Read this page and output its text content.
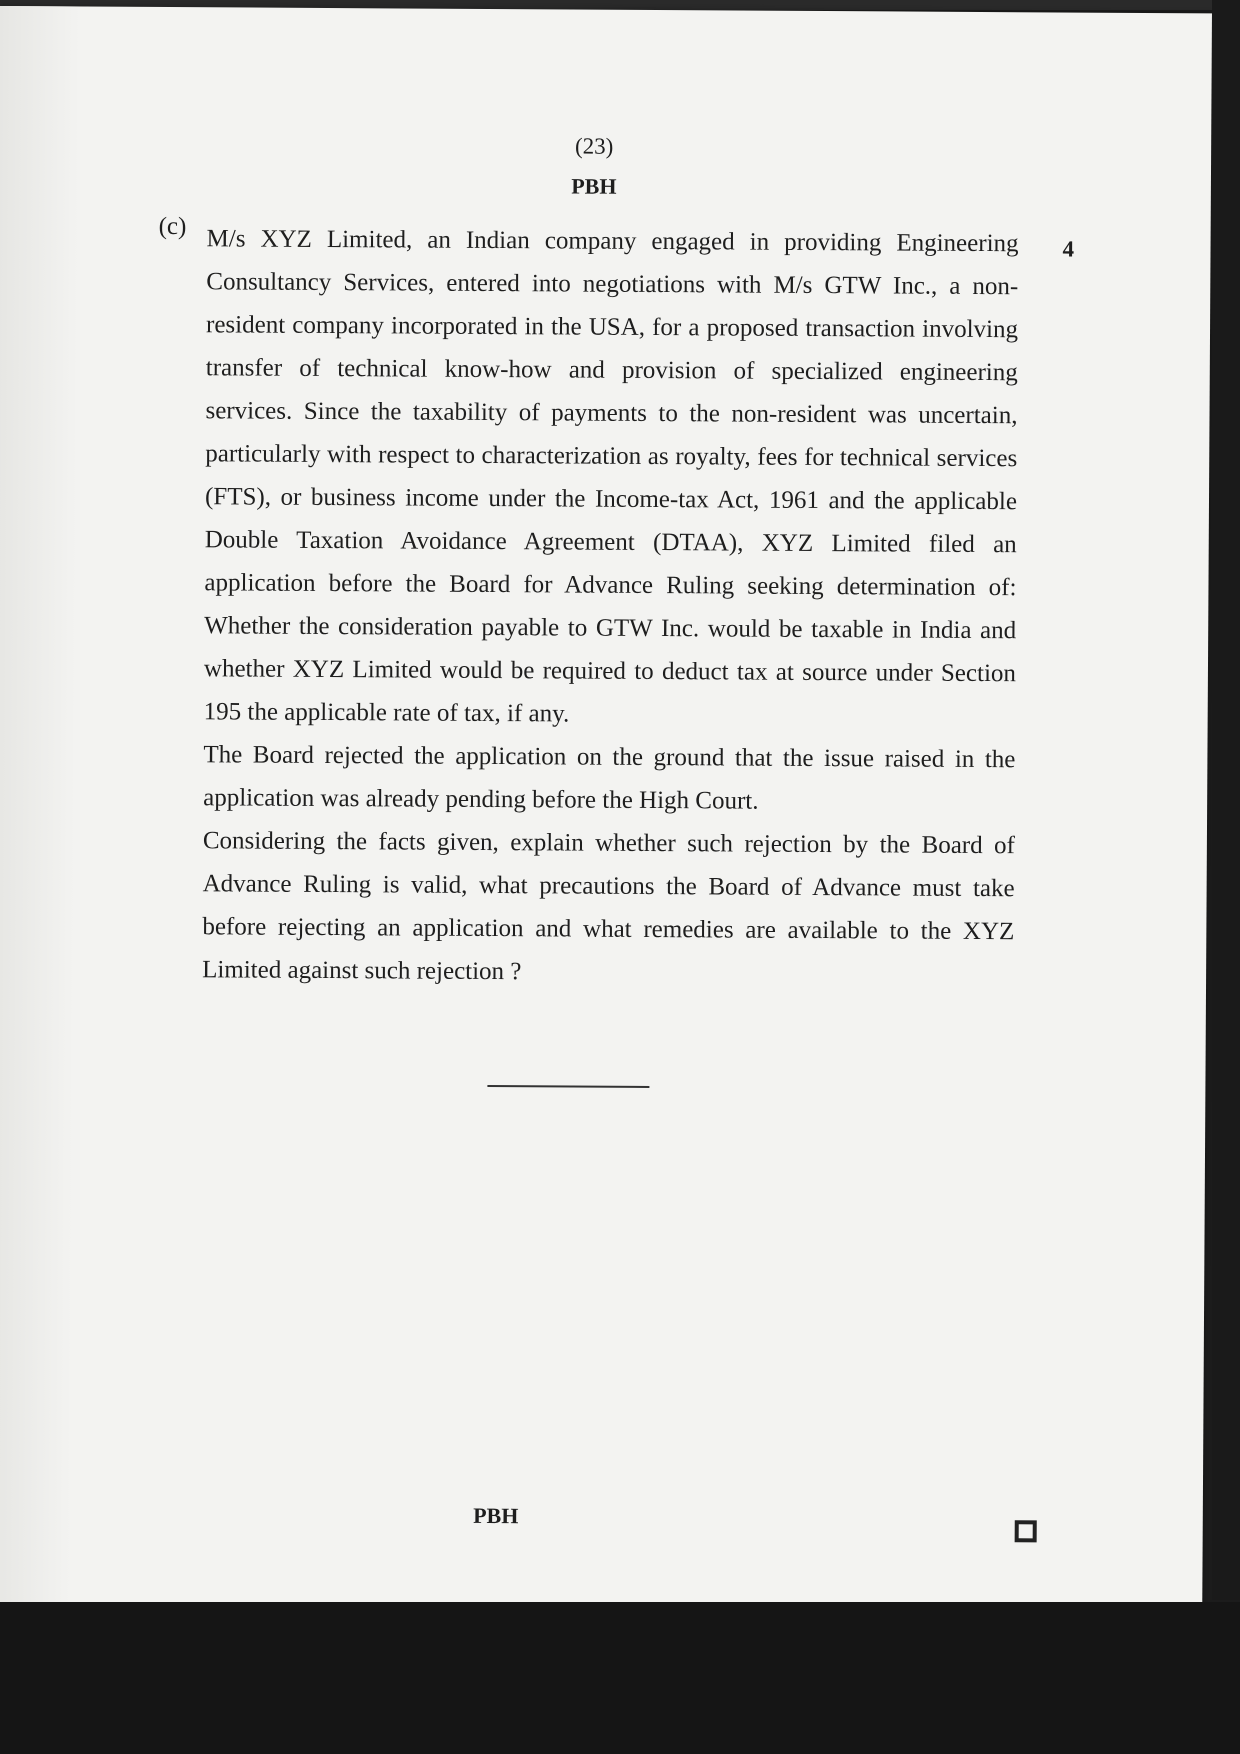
(23)
PBH
(c)
4

M/s XYZ Limited, an Indian company engaged in providing Engineering Consultancy Services, entered into negotiations with M/s GTW Inc., a non-resident company incorporated in the USA, for a proposed transaction involving transfer of technical know-how and provision of specialized engineering services. Since the taxability of payments to the non-resident was uncertain, particularly with respect to characterization as royalty, fees for technical services (FTS), or business income under the Income-tax Act, 1961 and the applicable Double Taxation Avoidance Agreement (DTAA), XYZ Limited filed an application before the Board for Advance Ruling seeking determination of: Whether the consideration payable to GTW Inc. would be taxable in India and whether XYZ Limited would be required to deduct tax at source under Section 195 the applicable rate of tax, if any.

The Board rejected the application on the ground that the issue raised in the application was already pending before the High Court.

Considering the facts given, explain whether such rejection by the Board of Advance Ruling is valid, what precautions the Board of Advance must take before rejecting an application and what remedies are available to the XYZ Limited against such rejection ?

PBH
